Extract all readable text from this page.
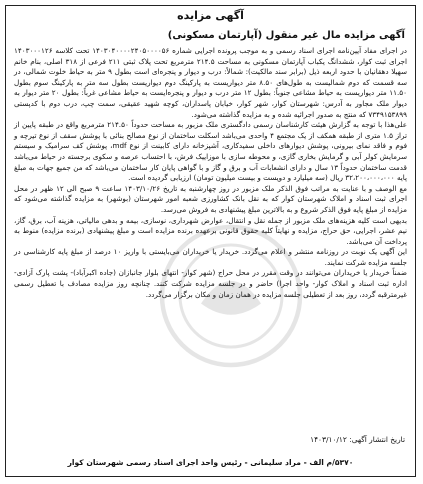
آگهی مزایده
آگهی مزایده مال غیر منقول (آپارتمان مسکونی)

در اجرای مفاد آیین‌نامه اجرای اسناد رسمی و به موجب پرونده اجرایی شماره ۱۴۰۳۰۴۰۰۰۰۲۴۰۵۰۰۰۰۵۶ تحت کلاسه ۱۴۰۳۰۰۰۱۲۶ اجرای ثبت کوار، ششدانگ یکباب آپارتمان مسکونی به مساحت ۲۱۴.۵ مترمربع تحت پلاک ثبتی ۲۱۱ فرعی از ۳۱۸ اصلی، بنام خانم سهیلا دهقانیان با حدود اربعه ذیل (برابر سند مالکیت): شمالاً: درب و دیوار و پنجره‌ای است بطول ۹ متر به حیاط خلوت شمالی، در سه قسمت که دوم شمالیست به طول‌های ۸.۵۰ متر دیواریست به پارکینگ دوم دیواریست بطول سه متر به پارکینگ سوم بطول ۱۱.۵۰ متر دیواریست به حیاط مشاعی جنوباً: بطول ۱۲ متر درب و دیوار و پنجره‌ایست به حیاط مشاعی غرباً: بطول ۲۰ متر دیوار به دیوار ملک مجاور به آدرس: شهرستان کوار، شهر کوار، خیابان پاسداران، کوچه شهید عقیقی، سمت چپ، درب دوم با کدپستی ۷۳۴۹۱۵۳۸۹۹ که منتج به صدور اجرائیه شده و به مزایده گذاشته می‌شود.

علی‌هذا با توجه به گزارش هیئت کارشناسان رسمی دادگستری ملک مزبور به مساحت حدوداً ۲۱۴.۵۰ مترمربع واقع در طبقه پایین از تراز ۱.۵ متری از طبقه همکف از یک مجتمع ۴ واحدی می‌باشد اسکلت ساختمان از نوع مصالح بنائی با پوشش سقف از نوع تیرچه و فوم و فاقد نمای بیرونی، پوشش دیوارهای داخلی سفیدکاری، آشپزخانه دارای کابینت از نوع mdf، پوشش کف سرامیک و سیستم سرمایش کولر آبی و گرمایش بخاری گازی، و محوطه سازی با موزاییک فرش، با احتساب عرصه و سکوی برجسته در حیاط می‌باشد قدمت ساختمان حدوداً ۱۳ سال و دارای انشعابات آب و برق و گاز و با گواهی پایان کار ساختمان می‌باشد که من جمیع جهات به مبلغ پایه ۳۲،۲۰۰،۰۰۰،۰۰۰ ریال (سه میلیارد و دویست و بیست میلیون تومان) ارزیابی گردیده است.

مع الوصف و با عنایت به مراتب فوق الذکر ملک مزبور در روز چهارشنبه به تاریخ ۱۴۰۳/۱۰/۲۶ ساعت ۹ صبح الی ۱۲ ظهر در محل اجرای ثبت اسناد و املاک شهرستان کوار که به نقل بانک کشاورزی شعبه امور شهرستان (بوشهر) به مزایده گذاشته می‌شود که مزایده از مبلغ پایه فوق الذکر شروع و به بالاترین مبلغ پیشنهادی به فروش می‌رسد.

بدیهی است کلیه هزینه‌های ملک مزبور از جمله نقل و انتقال، عوارض شهرداری، نوسازی، بیمه و بدهی مالیاتی، هزینه آب، برق، گاز، نیم عشر، اجرایی، حق حراج، مزایده و نهایتاً کلیه حقوق قانونی برعهده برنده مزایده است و مبلغ پیشنهادی (برنده مزایده) منوط به پرداخت آن می‌باشد.

این آگهی یک نوبت در روزنامه منتشر و اعلام می‌گردد. خریدار یا خریداران می‌بایستی با واریز ۱۰ درصد از مبلغ پایه کارشناسی در جلسه مزایده شرکت نمایند.

ضمناً خریدار یا خریداران می‌توانند در وقت مقرر در محل حراج (شهر کوار- انتهای بلوار جانبازان (جاده اکبرآباد)- پشت پارک آزادی- اداره ثبت اسناد و املاک کوار- واحد اجرا) حاضر و در جلسه مزایده شرکت کنند. چنانچه روز مزایده مصادف با تعطیل رسمی غیرمترقبه گردد، روز بعد از تعطیلی جلسه مزایده در همان زمان و مکان برگزار می‌گردد.

تاریخ انتشار آگهی: ۱۴۰۳/۱۰/۱۲
۵۳۷۰/م الف - مراد سلیمانی - رئیس واحد اجرای اسناد رسمی شهرستان کوار
